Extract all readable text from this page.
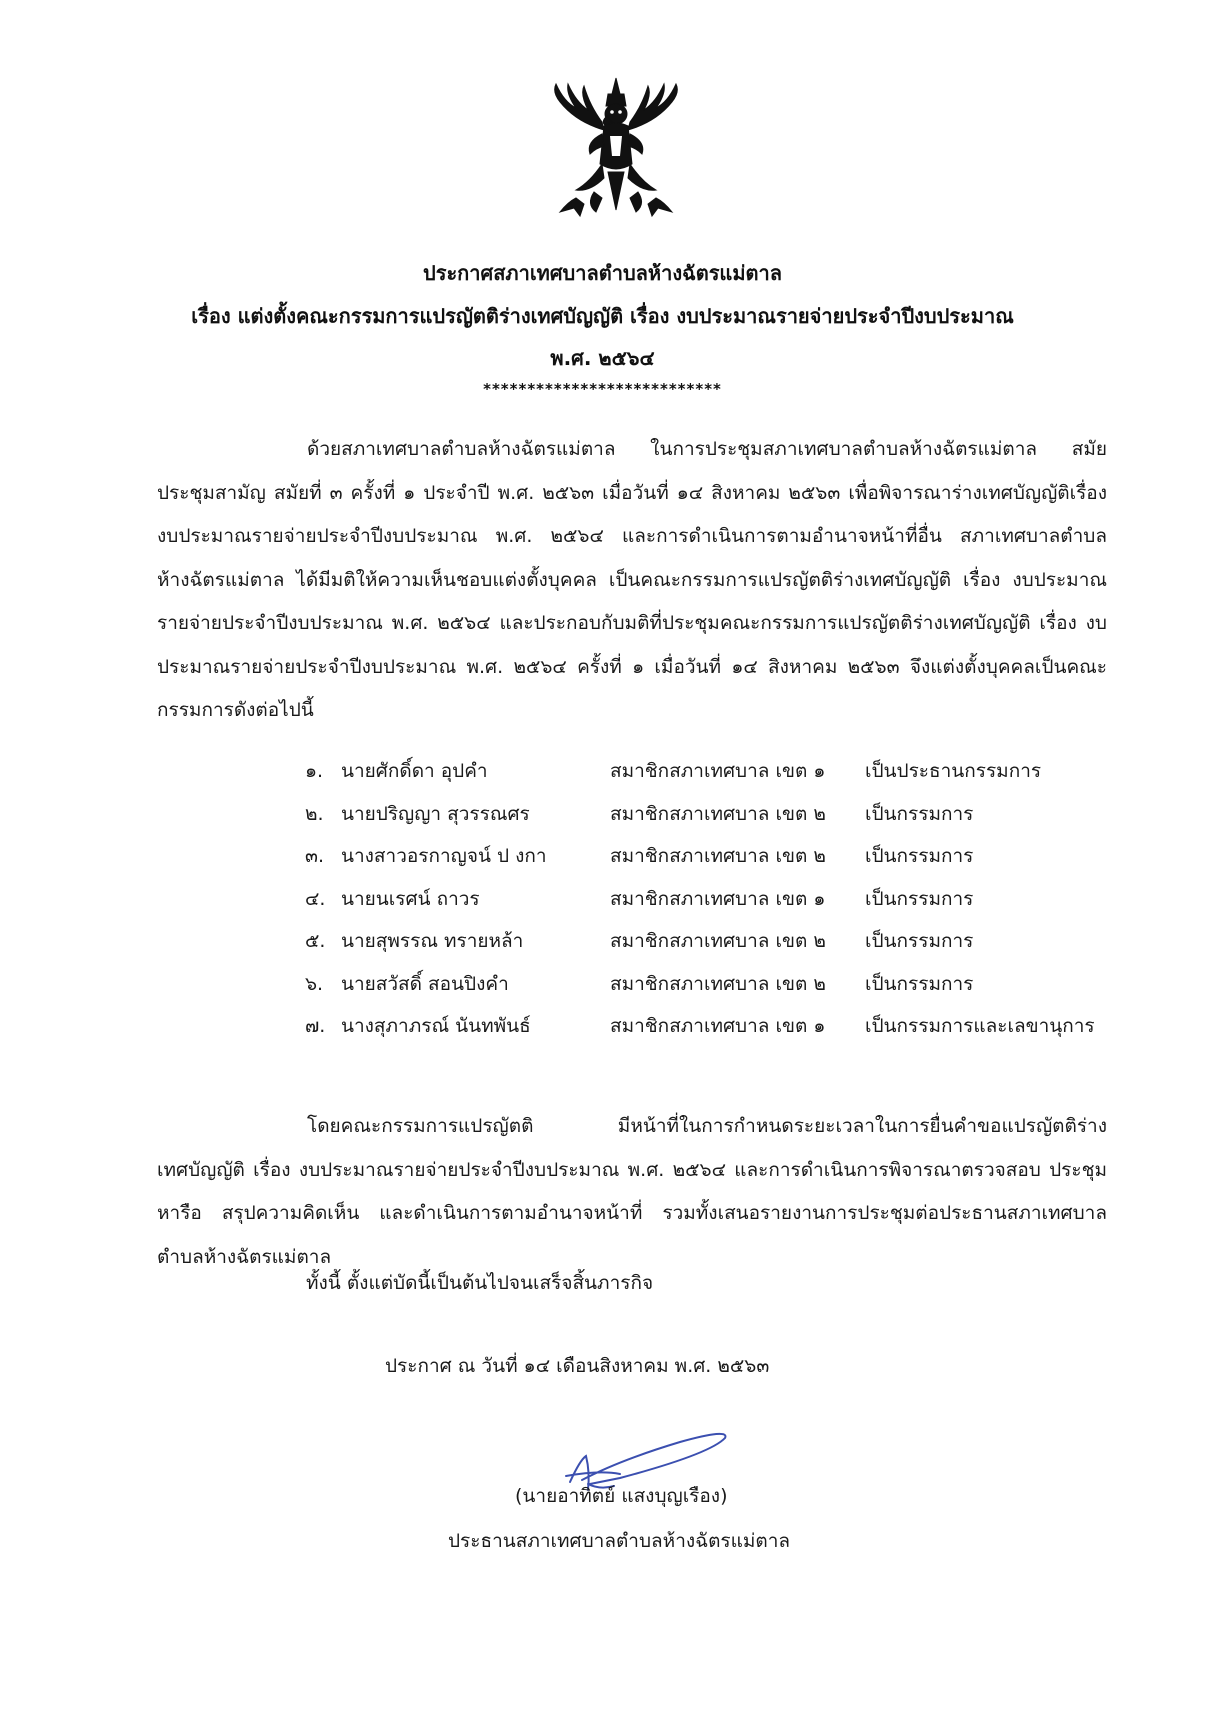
ประกาศสภาเทศบาลตำบลห้างฉัตรแม่ตาล
เรื่อง แต่งตั้งคณะกรรมการแปรญัตติร่างเทศบัญญัติ เรื่อง งบประมาณรายจ่ายประจำปีงบประมาณ
พ.ศ. ๒๕๖๔
***************************
ด้วยสภาเทศบาลตำบลห้างฉัตรแม่ตาล ในการประชุมสภาเทศบาลตำบลห้างฉัตรแม่ตาล สมัยประชุมสามัญ สมัยที่ ๓ ครั้งที่ ๑ ประจำปี พ.ศ. ๒๕๖๓ เมื่อวันที่ ๑๔ สิงหาคม ๒๕๖๓ เพื่อพิจารณาร่างเทศบัญญัติเรื่อง งบประมาณรายจ่ายประจำปีงบประมาณ พ.ศ. ๒๕๖๔ และการดำเนินการตามอำนาจหน้าที่อื่น สภาเทศบาลตำบลห้างฉัตรแม่ตาล ได้มีมติให้ความเห็นชอบแต่งตั้งบุคคล เป็นคณะกรรมการแปรญัตติร่างเทศบัญญัติ เรื่อง งบประมาณรายจ่ายประจำปีงบประมาณ พ.ศ. ๒๕๖๔ และประกอบกับมติที่ประชุมคณะกรรมการแปรญัตติร่างเทศบัญญัติ เรื่อง งบประมาณรายจ่ายประจำปีงบประมาณ พ.ศ. ๒๕๖๔ ครั้งที่ ๑ เมื่อวันที่ ๑๔ สิงหาคม ๒๕๖๓ จึงแต่งตั้งบุคคลเป็นคณะกรรมการดังต่อไปนี้
๑. นายศักดิ์ดา อุปคำ	สมาชิกสภาเทศบาล เขต ๑ เป็นประธานกรรมการ
๒. นายปริญญา สุวรรณศร	สมาชิกสภาเทศบาล เขต ๒ เป็นกรรมการ
๓. นางสาวอรกาญจน์ ป งกา	สมาชิกสภาเทศบาล เขต ๒ เป็นกรรมการ
๔. นายนเรศน์ ถาวร	สมาชิกสภาเทศบาล เขต ๑ เป็นกรรมการ
๕. นายสุพรรณ ทรายหล้า	สมาชิกสภาเทศบาล เขต ๒ เป็นกรรมการ
๖. นายสวัสดิ์ สอนปิงคำ	สมาชิกสภาเทศบาล เขต ๒ เป็นกรรมการ
๗. นางสุภาภรณ์ นันทพันธ์	สมาชิกสภาเทศบาล เขต ๑ เป็นกรรมการและเลขานุการ
โดยคณะกรรมการแปรญัตติ มีหน้าที่ในการกำหนดระยะเวลาในการยื่นคำขอแปรญัตติร่างเทศบัญญัติ เรื่อง งบประมาณรายจ่ายประจำปีงบประมาณ พ.ศ. ๒๕๖๔ และการดำเนินการพิจารณาตรวจสอบ ประชุมหารือ สรุปความคิดเห็น และดำเนินการตามอำนาจหน้าที่ รวมทั้งเสนอรายงานการประชุมต่อประธานสภาเทศบาลตำบลห้างฉัตรแม่ตาล
ทั้งนี้ ตั้งแต่บัดนี้เป็นต้นไปจนเสร็จสิ้นภารกิจ
ประกาศ ณ วันที่ ๑๔ เดือนสิงหาคม พ.ศ. ๒๕๖๓
(นายอาทิตย์ แสงบุญเรือง)
ประธานสภาเทศบาลตำบลห้างฉัตรแม่ตาล
